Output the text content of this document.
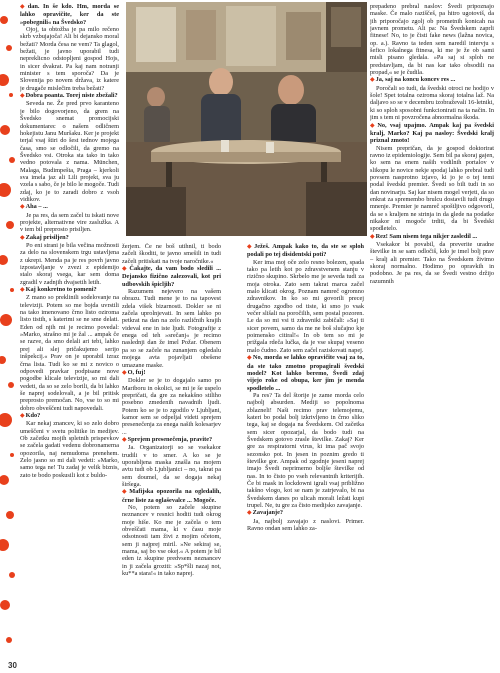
◆dan. In še kdo. Hm, morda se lahko opravičite, ker da ste »pobegnili« na Švedsko?

Ojoj, ta obtožba je pa milo rečeno skrb vzbujajoča! Ali bi dejansko moral bežati? Morda česa ne vem? Ta glagol, bežati, je javno uporabil tudi nepreklicno odstopljeni gospod Hojs, in sicer dvakrat. Pa kaj nam notranji minister s tem sporoča? Da je Slovenija po novem država, iz katere je drugače mislečim treba bežati?

◆Dobra poanta. Torej niste zbežali?

Seveda ne. Že pred prvo karanteno je bilo dogovorjeno, da grem na Švedsko snemat promocijski dokumentarec o našem odličnem hokejistu Janu Muršaku. Ker je projekt terjal vsaj štiri do šest tednov mojega časa, smo se odločili, da gremo na Švedsko vsi. Otroka sta tako in tako vedno potovala z nama. München, Malaga, Budimpešta, Praga – kjerkoli sva imela jaz ali Lili projekt, sva ju vzela s sabo, če je bilo le mogoče. Tudi zdaj, ko je to zaradi dobro z vsoh vidikov.

◆Aha – ...

Je pa res, da sem začel tu iskati nove projekte, alternativne vire zaslužka. A v tem bil preprosto prisiljen.

◆Zakaj prisiljen?

Po eni strani je bila večina možnosti za delo na slovenskem trgu ustavljena z ukrepi. Menda pa je res povrh javno izpostavljanje v zvezi z epidemijo stalo skoraj vsega, kar sem doma zgradil v zadnjih dvajsetih letih.

◆Kaj konkretno to pomeni?

Z mano so preklinili sodelovanje na televiziji. Potem so me bojda uvrstili na tako imenovano črno listo oziroma listo tistih, s katerimi se ne sme delati. Eden od njih mi je recimo povedal: »Marko, strašno mi je žal ... ampak če se razve, da smo delali ari tebi, lahko prej ali slej pričakujemo serijo inšpekcij.« Prav on je uporabil izraz črna lista. Tudi ko se mi z novico o odpovedi pravkar podpisane nove pogodbe klicale televizije, so mi dali vedeti, da so se zelo borili, da bi lahko še naprej sodelovali, a je bil pritisk preprosto premočan. No, vse to so mi dobro obveščeni tudi napovedali.

◆Kdo?

Kar nekaj znancev, ki so zelo dobro umeščeni v svetu politike in medijev. Ob začetku mojih spletnih prispevkov se začela gadati vedenu dobronamerna opozorila, naj nemudoma prenehem. Zelo jasno so mi dali vedeti: »Marko, samo tega ne! Tu zadaj je velik biznis, zato te bodo poskusili kot z buldo-

žerjem. Če ne boš utihnil, ti bodo začeli škoditi, te javno smešili in tudi začeli pritiskati na tvoje naročnike.«

◆Čakajte, da vam bodo sledili ... Dejansko fizično zalezovali, kot pri udbovskih špicljih?

Razumem nejevero na vašem obrazu. Tudi mene je to na tapovest zdela višek bizarnosti. Dokler se ni začela uprolnjevati. In sem lahko po petkrat na dan na zelo različnih krajih videval ene in iste ljudi. Fotografije z enega od teh »srečanj« je recimo naslednji dan že imel Požar. Obenem pa so se začele na zunanjem ogledalu mojega avta pojavljati obešene umazane maske.

◆O, fuj!

Dokler se je to dogajalo samo po Mariboru in okolici, se mi je še uspelo prepričati, da gre za nekakšno stiliho posebno zmedenih navadnih ljudi. Potem ko se je to zgodilo v Ljubljani, kamor sem se odpeljal videti sprejem presenečenja za enega naših kolesarjev ...

◆Sprejem presenečenja, pravite?

Ja. Organizatorji so se vsekakor trudili v to smer. A ko se je uporabljena maska znašla na mojem avtu tudi ob Ljubljanici – no, takrat pa sem doumel, da se dogaja nekaj širšega.

◆Mafijska opozorila na ogledalih, črne liste za oglaševalce ... Mogoče.

No, potem so začele skupine neznancev v resnici hoditi tudi okrog moje hiše. Ko me je začela o tem obveščati mama, ki v času moje odsotnosti tam živi z mojim očetom, sem ji najprej miril. »Ne sekiraj se, mama, saj bo vse okej.« A potem je bil eden iz skupine predvsem neznancev in ji začela groziti: »Sp*šli nazaj not, ku**a stara!« in tako naprej.

◆Ježeš. Ampak kako to, da ste se sploh podali po tej disidentski poti?

Ker ima moj oče zelo resno bolezen, spada tako pa letih kot po zdravstvenem stanju v rizično skupino. Skrbelo me je seveda tudi za moja otroka. Zato sem takrat marca začel malo klicati okrog. Poznam namreč ogromno zdravnikov. In ko so mi govorili precej drugačno zgodbo od tiste, ki smo jo vsak večer slišali na poročilih, sem postal pozoren. Le da so mi vsi ti zdravniki zabičali: »Saj ti sicer povem, samo da me ne boš slučajno kje poimensko citiral!« In ob tem so mi je prižgala rdeča lučka, da je vse skupaj veseno malo čudno. Zato sem začel raziskovati napej.

◆No, morda se lahko opravičite vsaj za to, da ste tako zmotno propagirali švedski model? Kot lahko beremo, Švedi zdaj vijejo roke od obupa, ker jim je menda spodletelo ...

Pa res? Ta del štorije je zame morda celo najbolj absurden. Mediji so popolnoma zblazneli! Naši recimo prav telemojemu, kateri bo podal bolj izkrivljeno in črno sliko tega, kaj se dogaja na Švedskem. Od začetka sem sicer opozarjal, da bodo tudi na Švedskem gotovo zrasle številke. Zakaj? Ker gre za respiratorni virus, ki ima pač svojo sezonsko pot. In jesen in poznim gredo ti številke gor. Ampak od zgodnje jeseni naprej imajo Švedi neprimerno boljše številke od nas. In to čisto po vseh relevantnih kriterijih. Če bi mask in lockdowni igrali vsaj približno takšno vlogo, kot se nam je zatrjevalo, bi na Švedskem danes po ulicah morali ležati kupi trupel. Ne, tu gre za čisto medijsko zavajanje.

◆Zavajanje?

Ja, najbolj zavajajo z naslovi. Primer. Ravno ondan sem lahko za-

prepadeno prebral naslov: Švedi pripoznajo maske. Če malo raziščeš, pa hitro ugotoviš, da jih priporočajo zgolj ob prometnih konicah na javnem prometu. Ali pa: Na Švedskem zaprli fitnese! No, to je čisti fake news (lažna novica, op. a.). Ravno ta teden sem naredil intervju s šefico lokalnega fitnesa, ki me je že ob sami misli pisano gledala. »Pa saj si sploh ne predstavljam, da bi nas kar tako obsodili na propad,« se je čudila.

◆Ja, saj na koncu koncev res ...

Poročali so tudi, da švedski otroci ne hodijo v šole! Spet totalna oziroma skoraj totalna laž. Na daljavo so se v decembru izobraževali 16-letniki, ki so sploh sposobni funkcionirati na ta način. In jim s tem ni povzročena abnormalna škoda.

◆No, vsaj upajmo. Ampak kaj pa švedski kralj, Marko? Kaj pa nasloy: Švedski kralj priznal zmoto!

Nisem prepričan, da je gospod doktorirat ravno iz epidemiologije. Sem bil pa skoraj gajen, ko sem na enem naših vodilnih portalov v slikopu le novice nekje spodaj lahko prebral tudi povsem nasprotno izjavo, ki jo je o tej temi podal švedski premier. Švedi so bili tudi in so dan novinarju. Saj kar nisem mogel verjeti, da so enkrat za spremembo brulcu dostavili tudi drugo mnenje. Premier je namreč spoštljivo odgovoril, da se s kraljem ne strinja in da glede na podatke nikakor ni mogoče trditi, da bi Švedski spodletelo.

◆Rez! Sam nisem tega nikjer zasledil ...

Vsekakor bi povabil, da preverite uradne številke in se sam odločiš, kdo je imel bolj prav – kralj ali premier. Tako na Švedskem živimo skoraj normalno. Hodimo po opravkih in podobno. Je pa res, da se Švedi vestno držijo razumnih

30
